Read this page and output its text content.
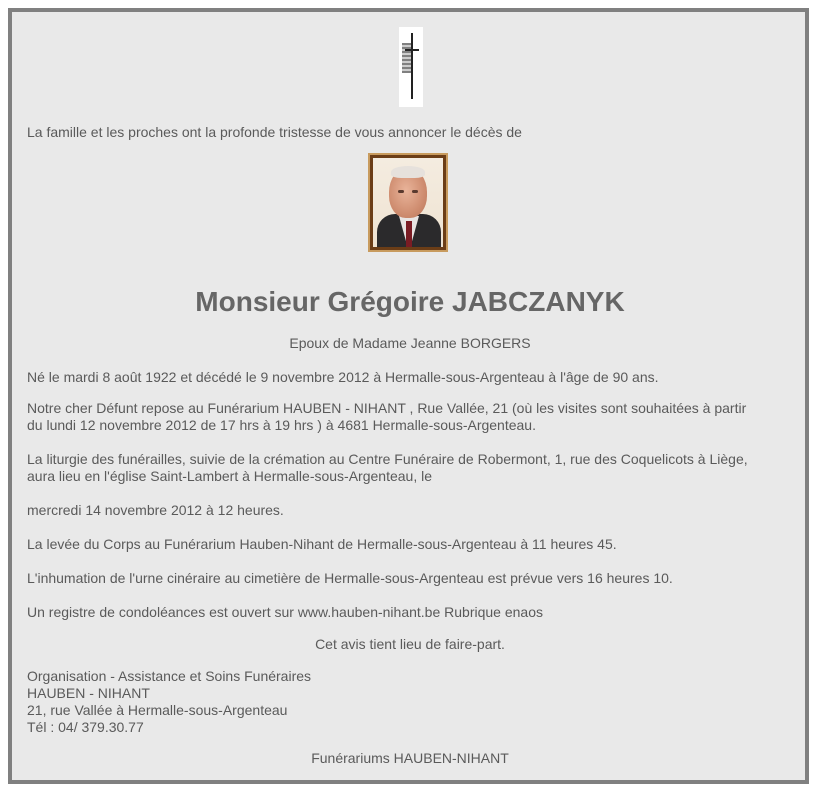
La famille et les proches ont la profonde tristesse de vous annoncer le décès de
Monsieur Grégoire JABCZANYK
Epoux de Madame Jeanne BORGERS
Né le mardi 8 août 1922 et décédé le 9 novembre 2012 à Hermalle-sous-Argenteau à l'âge de 90 ans.
Notre cher Défunt repose au Funérarium HAUBEN - NIHANT , Rue Vallée, 21 (où les visites sont souhaitées à partir
du lundi 12 novembre 2012 de 17 hrs à 19 hrs ) à 4681 Hermalle-sous-Argenteau.
La liturgie des funérailles, suivie de la crémation au Centre Funéraire de Robermont, 1, rue des Coquelicots à Liège,
aura lieu en l'église Saint-Lambert à Hermalle-sous-Argenteau, le
mercredi 14 novembre 2012 à 12 heures.
La levée du Corps au Funérarium Hauben-Nihant de Hermalle-sous-Argenteau à 11 heures 45.
L'inhumation de l'urne cinéraire au cimetière de Hermalle-sous-Argenteau est prévue vers 16 heures 10.
Un registre de condoléances est ouvert sur www.hauben-nihant.be Rubrique enaos
Cet avis tient lieu de faire-part.
Organisation - Assistance et Soins Funéraires
HAUBEN - NIHANT
21, rue Vallée à Hermalle-sous-Argenteau
Tél : 04/ 379.30.77
Funérariums HAUBEN-NIHANT
